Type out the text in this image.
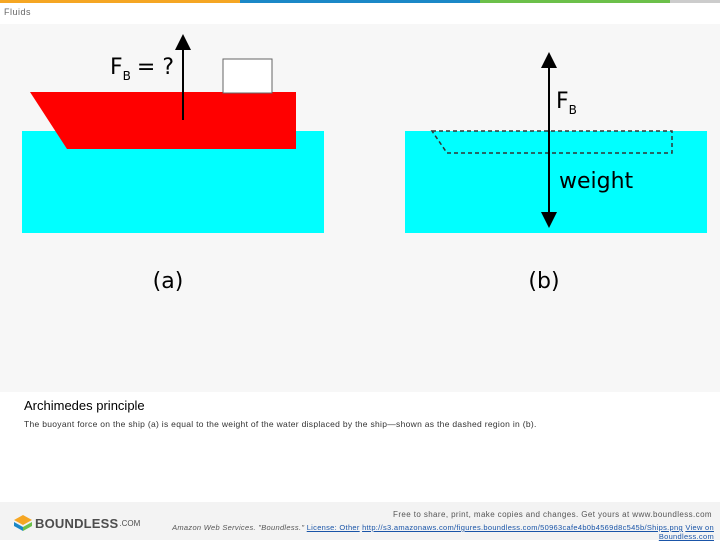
Fluids
$F_B$ = ?
(a)
$F_B$
weight
(b)
Archimedes principle
The buoyant force on the ship (a) is equal to the weight of the water displaced by the ship—shown as the dashed region in (b).
BOUNDLESS .COM
Free to share, print, make copies and changes. Get yours at www.boundless.com
Amazon Web Services. "Boundless." License: Other http://s3.amazonaws.com/figures.boundless.com/50963cafe4b0b4569d8c545b/Ships.png View on Boundless.com
